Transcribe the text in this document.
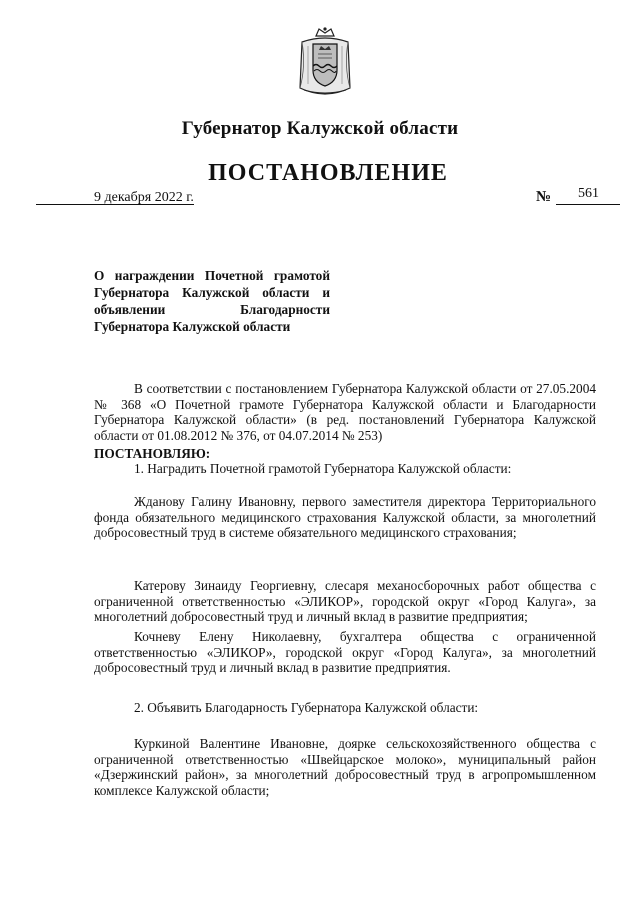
Губернатор Калужской области
ПОСТАНОВЛЕНИЕ
9 декабря 2022 г.	№ 561
О награждении Почетной грамотой Губернатора Калужской области и объявлении Благодарности Губернатора Калужской области
В соответствии с постановлением Губернатора Калужской области от 27.05.2004 № 368 «О Почетной грамоте Губернатора Калужской области и Благодарности Губернатора Калужской области» (в ред. постановлений Губернатора Калужской области от 01.08.2012 № 376, от 04.07.2014 № 253)
ПОСТАНОВЛЯЮ:
1. Наградить Почетной грамотой Губернатора Калужской области:
Жданову Галину Ивановну, первого заместителя директора Территориального фонда обязательного медицинского страхования Калужской области, за многолетний добросовестный труд в системе обязательного медицинского страхования;
Катерову Зинаиду Георгиевну, слесаря механосборочных работ общества с ограниченной ответственностью «ЭЛИКОР», городской округ «Город Калуга», за многолетний добросовестный труд и личный вклад в развитие предприятия;
Кочневу Елену Николаевну, бухгалтера общества с ограниченной ответственностью «ЭЛИКОР», городской округ «Город Калуга», за многолетний добросовестный труд и личный вклад в развитие предприятия.
2. Объявить Благодарность Губернатора Калужской области:
Куркиной Валентине Ивановне, доярке сельскохозяйственного общества с ограниченной ответственностью «Швейцарское молоко», муниципальный район «Дзержинский район», за многолетний добросовестный труд в агропромышленном комплексе Калужской области;
